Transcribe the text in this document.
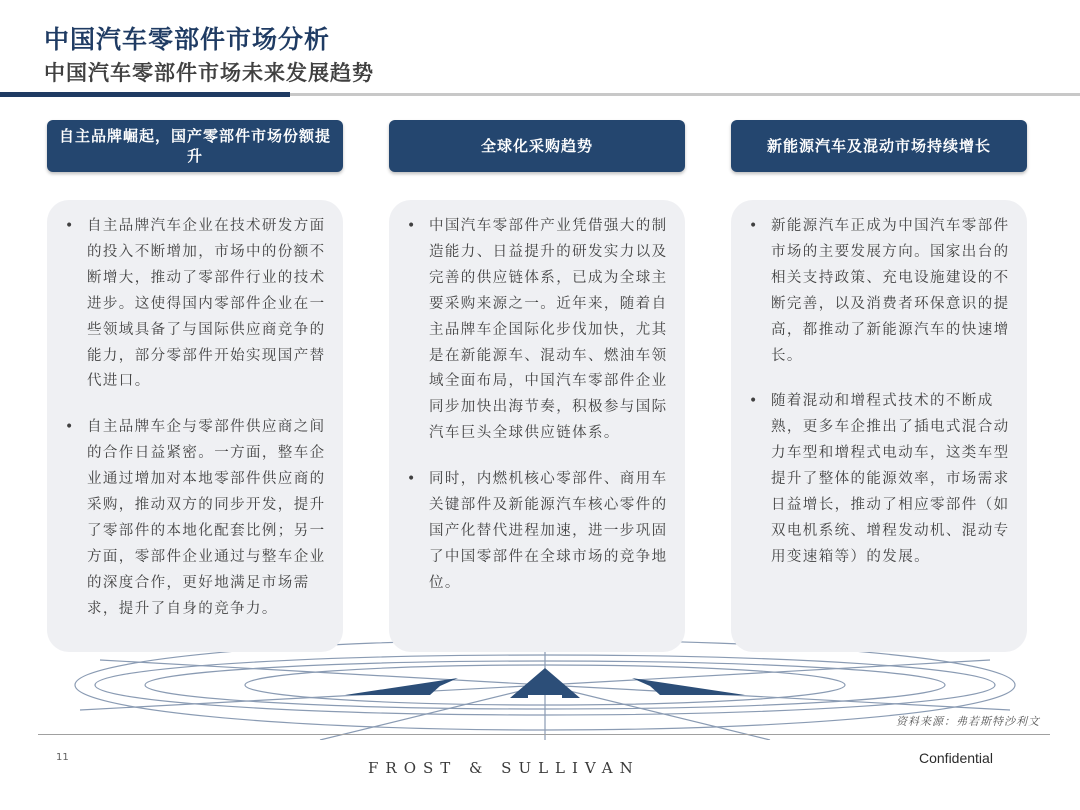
中国汽车零部件市场分析
中国汽车零部件市场未来发展趋势
自主品牌崛起，国产零部件市场份额提升
全球化采购趋势	新能源汽车及混动市场持续增长
• 自主品牌汽车企业在技术研发方面的投入不断增加，市场中的份额不断增大，推动了零部件行业的技术进步。这使得国内零部件企业在一些领域具备了与国际供应商竞争的能力，部分零部件开始实现国产替代进口。
• 自主品牌车企与零部件供应商之间的合作日益紧密。一方面，整车企业通过增加对本地零部件供应商的采购，推动双方的同步开发，提升了零部件的本地化配套比例；另一方面，零部件企业通过与整车企业的深度合作，更好地满足市场需求，提升了自身的竞争力。
• 中国汽车零部件产业凭借强大的制造能力、日益提升的研发实力以及完善的供应链体系，已成为全球主要采购来源之一。近年来，随着自主品牌车企国际化步伐加快，尤其是在新能源车、混动车、燃油车领域全面布局，中国汽车零部件企业同步加快出海节奏，积极参与国际汽车巨头全球供应链体系。
• 同时，内燃机核心零部件、商用车关键部件及新能源汽车核心零件的国产化替代进程加速，进一步巩固了中国零部件在全球市场的竞争地位。
• 新能源汽车正成为中国汽车零部件市场的主要发展方向。国家出台的相关支持政策、充电设施建设的不断完善，以及消费者环保意识的提高，都推动了新能源汽车的快速增长。
• 随着混动和增程式技术的不断成熟，更多车企推出了插电式混合动力车型和增程式电动车，这类车型提升了整体的能源效率，市场需求日益增长，推动了相应零部件（如双电机系统、增程发动机、混动专用变速箱等）的发展。
资料来源：弗若斯特沙利文
11
FROST & SULLIVAN
Confidential
